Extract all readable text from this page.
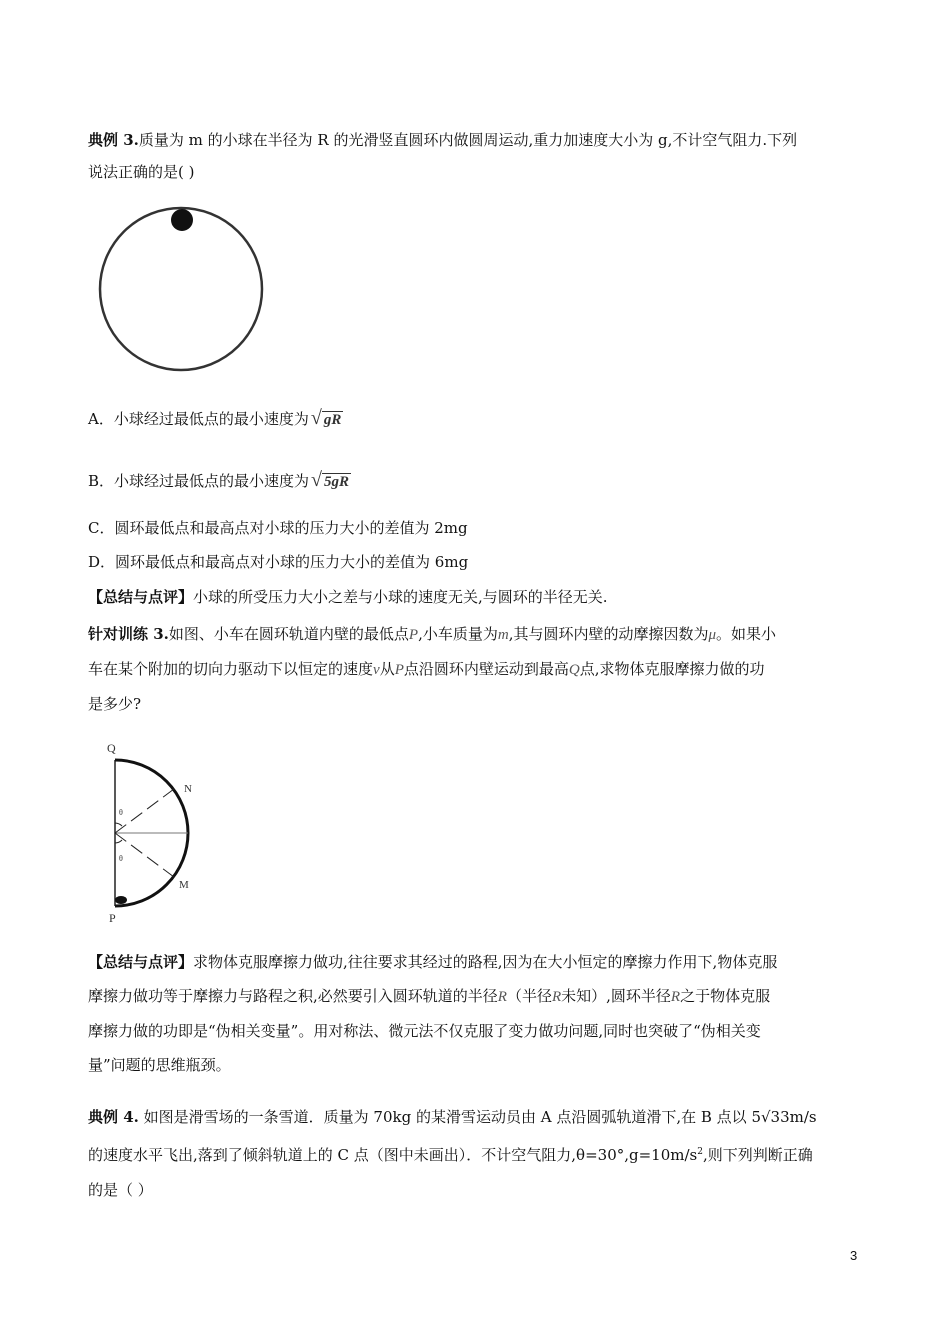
典例 3.质量为 m 的小球在半径为 R 的光滑竖直圆环内做圆周运动,重力加速度大小为 g,不计空气阻力.下列
说法正确的是( )
A．小球经过最低点的最小速度为 √ gR
B．小球经过最低点的最小速度为 √ 5gR
C．圆环最低点和最高点对小球的压力大小的差值为 2mg
D．圆环最低点和最高点对小球的压力大小的差值为 6mg
【总结与点评】小球的所受压力大小之差与小球的速度无关,与圆环的半径无关.
针对训练 3.如图、小车在圆环轨道内壁的最低点P,小车质量为m,其与圆环内壁的动摩擦因数为μ。如果小
车在某个附加的切向力驱动下以恒定的速度v从P点沿圆环内壁运动到最高Q点,求物体克服摩擦力做的功
是多少?
Q
N
M
P
θ
θ
【总结与点评】求物体克服摩擦力做功,往往要求其经过的路程,因为在大小恒定的摩擦力作用下,物体克服
摩擦力做功等于摩擦力与路程之积,必然要引入圆环轨道的半径R（半径R未知）,圆环半径R之于物体克服
摩擦力做的功即是“伪相关变量”。用对称法、微元法不仅克服了变力做功问题,同时也突破了“伪相关变
量”问题的思维瓶颈。
典例 4. 如图是滑雪场的一条雪道．质量为 70kg 的某滑雪运动员由 A 点沿圆弧轨道滑下,在 B 点以 5√33m/s
的速度水平飞出,落到了倾斜轨道上的 C 点（图中未画出）．不计空气阻力$,\theta=30^\circ,g=10m/s^2$,则下列判断正确
的是（ ）
3
